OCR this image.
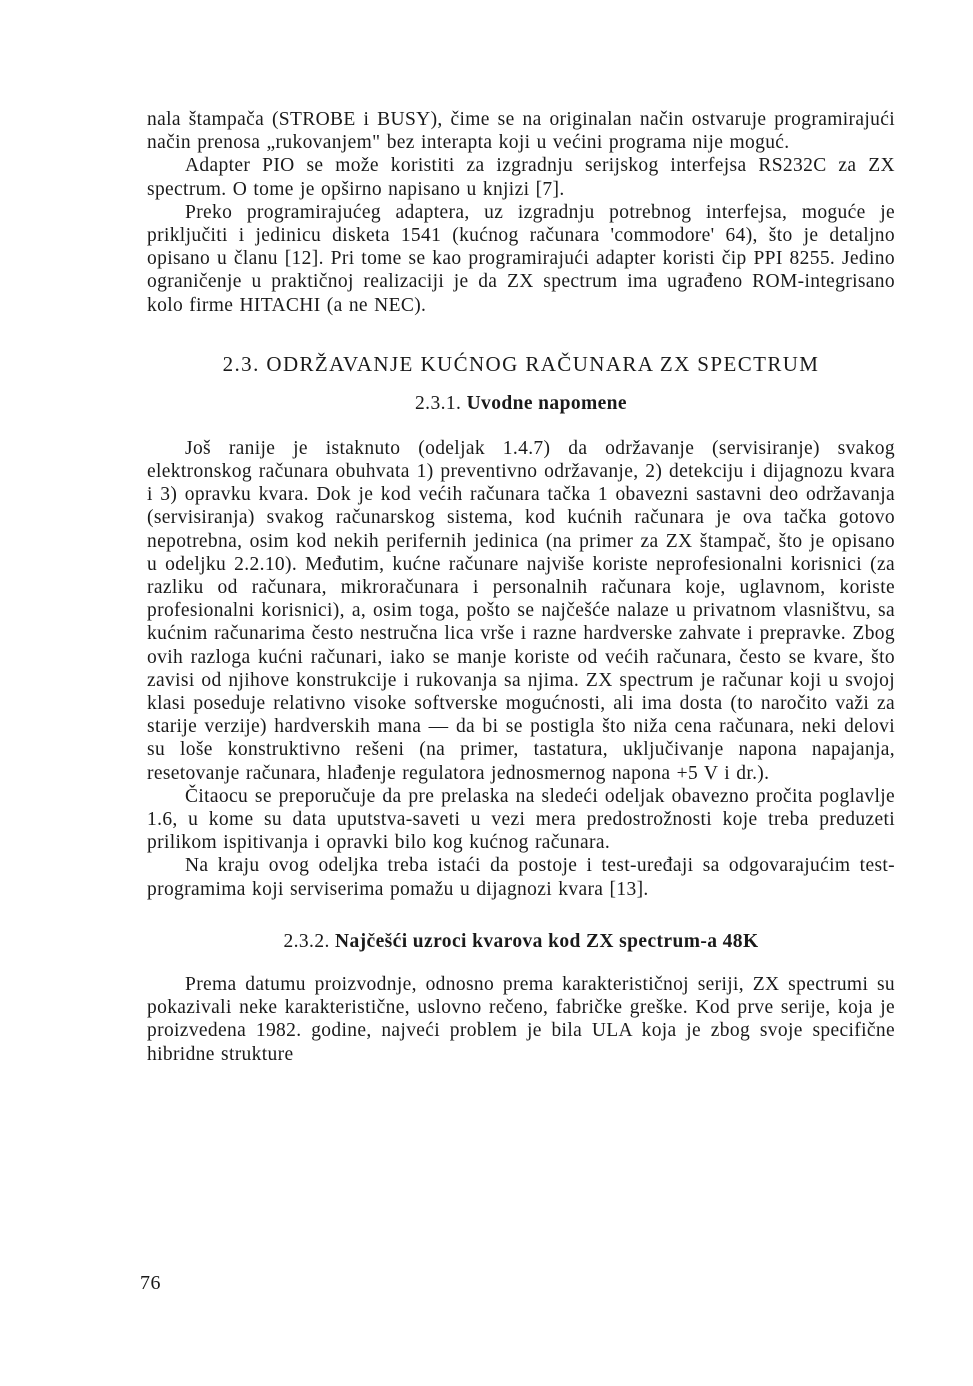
nala štampača (STROBE i BUSY), čime se na originalan način ostvaruje programirajući način prenosa „rukovanjem" bez interapta koji u većini programa nije moguć.

Adapter PIO se može koristiti za izgradnju serijskog interfejsa RS232C za ZX spectrum. O tome je opširno napisano u knjizi [7].

Preko programirajućeg adaptera, uz izgradnju potrebnog interfejsa, moguće je priključiti i jedinicu disketa 1541 (kućnog računara 'commodore' 64), što je detaljno opisano u članu [12]. Pri tome se kao programirajući adapter koristi čip PPI 8255. Jedino ograničenje u praktičnoj realizaciji je da ZX spectrum ima ugrađeno ROM-integrisano kolo firme HITACHI (a ne NEC).

2.3. ODRŽAVANJE KUĆNOG RAČUNARA ZX SPECTRUM
2.3.1. Uvodne napomene

Još ranije je istaknuto (odeljak 1.4.7) da održavanje (servisiranje) svakog elektronskog računara obuhvata 1) preventivno održavanje, 2) detekciju i dijagnozu kvara i 3) opravku kvara. Dok je kod većih računara tačka 1 obavezni sastavni deo održavanja (servisiranja) svakog računarskog sistema, kod kućnih računara je ova tačka gotovo nepotrebna, osim kod nekih perifernih jedinica (na primer za ZX štampač, što je opisano u odeljku 2.2.10). Međutim, kućne računare najviše koriste neprofesionalni korisnici (za razliku od računara, mikroračunara i personalnih računara koje, uglavnom, koriste profesionalni korisnici), a, osim toga, pošto se najčešće nalaze u privatnom vlasništvu, sa kućnim računarima često nestručna lica vrše i razne hardverske zahvate i prepravke. Zbog ovih razloga kućni računari, iako se manje koriste od većih računara, često se kvare, što zavisi od njihove konstrukcije i rukovanja sa njima. ZX spectrum je računar koji u svojoj klasi poseduje relativno visoke softverske mogućnosti, ali ima dosta (to naročito važi za starije verzije) hardverskih mana — da bi se postigla što niža cena računara, neki delovi su loše konstruktivno rešeni (na primer, tastatura, uključivanje napona napajanja, resetovanje računara, hlađenje regulatora jednosmernog napona +5 V i dr.).

Čitaocu se preporučuje da pre prelaska na sledeći odeljak obavezno pročita poglavlje 1.6, u kome su data uputstva-saveti u vezi mera predostrožnosti koje treba preduzeti prilikom ispitivanja i opravki bilo kog kućnog računara.

Na kraju ovog odeljka treba istaći da postoje i test-uređaji sa odgovarajućim test-programima koji serviserima pomažu u dijagnozi kvara [13].

2.3.2. Najčešći uzroci kvarova kod ZX spectrum-a 48K

Prema datumu proizvodnje, odnosno prema karakterističnoj seriji, ZX spectrumi su pokazivali neke karakteristične, uslovno rečeno, fabričke greške. Kod prve serije, koja je proizvedena 1982. godine, najveći problem je bila ULA koja je zbog svoje specifične hibridne strukture

76
